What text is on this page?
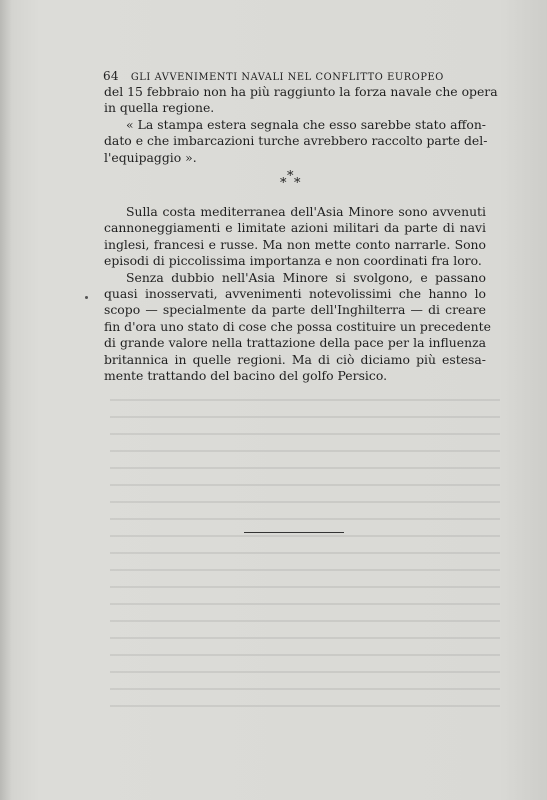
64 GLI AVVENIMENTI NAVALI NEL CONFLITTO EUROPEO
del 15 febbraio non ha più raggiunto la forza navale che opera
in quella regione.
« La stampa estera segnala che esso sarebbe stato affon-
dato e che imbarcazioni turche avrebbero raccolto parte del-
l'equipaggio ».
* * *
Sulla costa mediterranea dell'Asia Minore sono avvenuti
cannoneggiamenti e limitate azioni militari da parte di navi
inglesi, francesi e russe. Ma non mette conto narrarle. Sono
episodi di piccolissima importanza e non coordinati fra loro.
Senza dubbio nell'Asia Minore si svolgono, e passano
quasi inosservati, avvenimenti notevolissimi che hanno lo
scopo — specialmente da parte dell'Inghilterra — di creare
fin d'ora uno stato di cose che possa costituire un precedente
di grande valore nella trattazione della pace per la influenza
britannica in quelle regioni. Ma di ciò diciamo più estesa-
mente trattando del bacino del golfo Persico.
